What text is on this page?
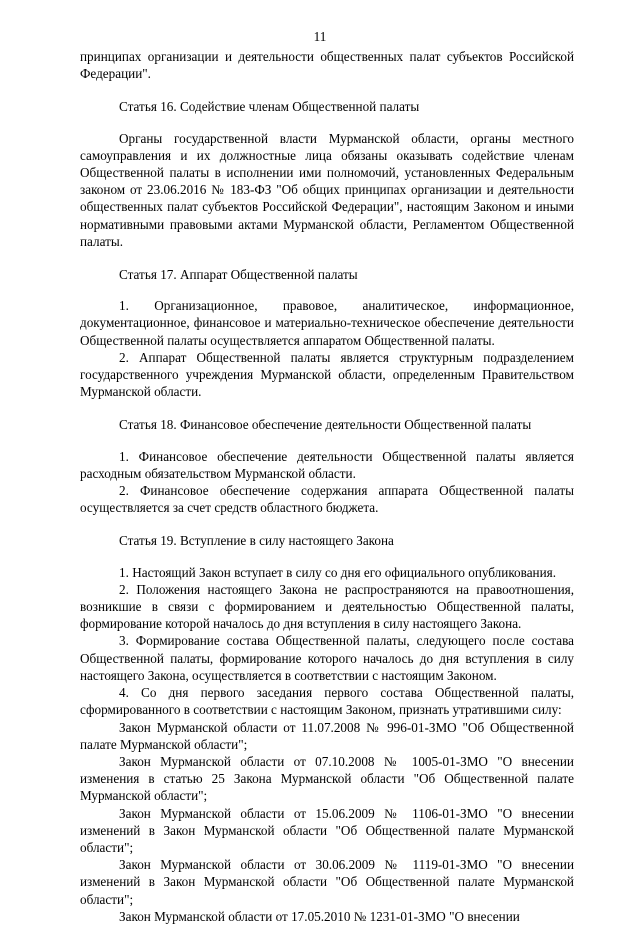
11

принципах организации и деятельности общественных палат субъектов Российской Федерации".

Статья 16. Содействие членам Общественной палаты

Органы государственной власти Мурманской области, органы местного самоуправления и их должностные лица обязаны оказывать содействие членам Общественной палаты в исполнении ими полномочий, установленных Федеральным законом от 23.06.2016 № 183-ФЗ "Об общих принципах организации и деятельности общественных палат субъектов Российской Федерации", настоящим Законом и иными нормативными правовыми актами Мурманской области, Регламентом Общественной палаты.

Статья 17. Аппарат Общественной палаты

1. Организационное, правовое, аналитическое, информационное, документационное, финансовое и материально-техническое обеспечение деятельности Общественной палаты осуществляется аппаратом Общественной палаты.

2. Аппарат Общественной палаты является структурным подразделением государственного учреждения Мурманской области, определенным Правительством Мурманской области.

Статья 18. Финансовое обеспечение деятельности Общественной палаты

1. Финансовое обеспечение деятельности Общественной палаты является расходным обязательством Мурманской области.

2. Финансовое обеспечение содержания аппарата Общественной палаты осуществляется за счет средств областного бюджета.

Статья 19. Вступление в силу настоящего Закона

1. Настоящий Закон вступает в силу со дня его официального опубликования.

2. Положения настоящего Закона не распространяются на правоотношения, возникшие в связи с формированием и деятельностью Общественной палаты, формирование которой началось до дня вступления в силу настоящего Закона.

3. Формирование состава Общественной палаты, следующего после состава Общественной палаты, формирование которого началось до дня вступления в силу настоящего Закона, осуществляется в соответствии с настоящим Законом.

4. Со дня первого заседания первого состава Общественной палаты, сформированного в соответствии с настоящим Законом, признать утратившими силу:

Закон Мурманской области от 11.07.2008 № 996-01-ЗМО "Об Общественной палате Мурманской области";

Закон Мурманской области от 07.10.2008 № 1005-01-ЗМО "О внесении изменения в статью 25 Закона Мурманской области "Об Общественной палате Мурманской области";

Закон Мурманской области от 15.06.2009 № 1106-01-ЗМО "О внесении изменений в Закон Мурманской области "Об Общественной палате Мурманской области";

Закон Мурманской области от 30.06.2009 № 1119-01-ЗМО "О внесении изменений в Закон Мурманской области "Об Общественной палате Мурманской области";

Закон Мурманской области от 17.05.2010 № 1231-01-ЗМО "О внесении
